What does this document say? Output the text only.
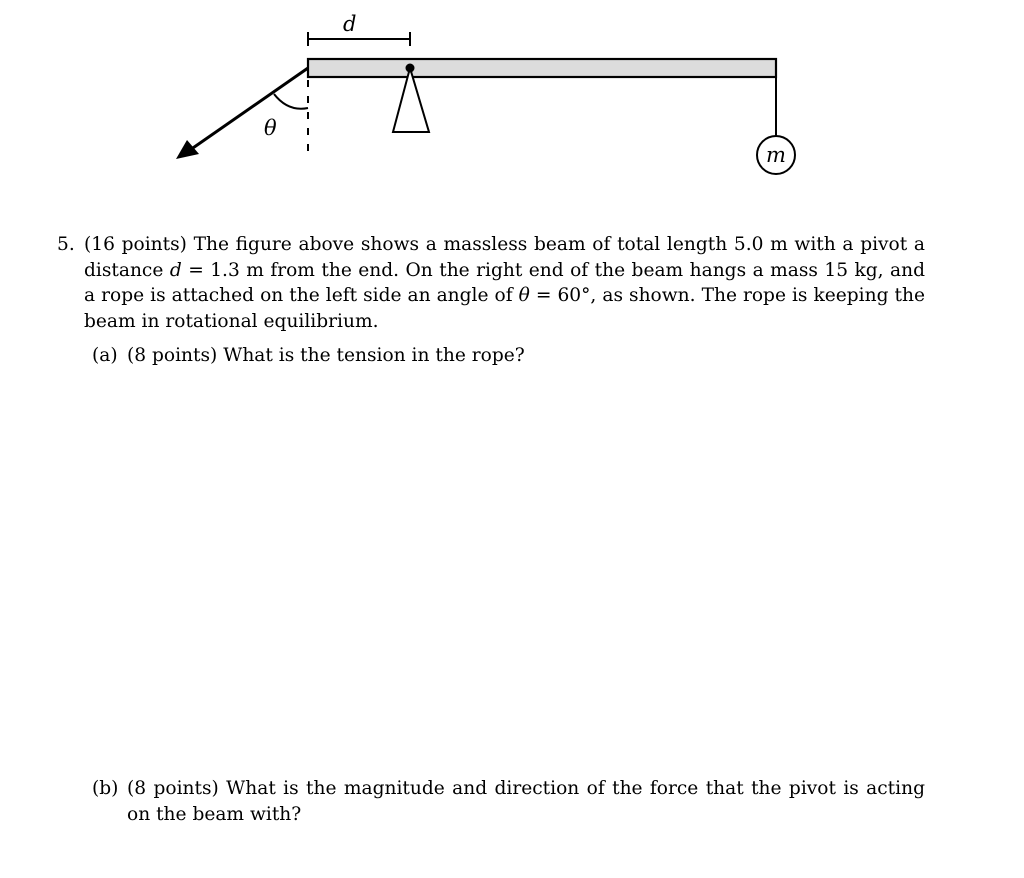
d
θ
m
5. (16 points) The figure above shows a massless beam of total length 5.0 m with a pivot a distance d = 1.3 m from the end. On the right end of the beam hangs a mass 15 kg, and a rope is attached on the left side an angle of θ = 60°, as shown. The rope is keeping the beam in rotational equilibrium.
(a) (8 points) What is the tension in the rope?
(b) (8 points) What is the magnitude and direction of the force that the pivot is acting on the beam with?
